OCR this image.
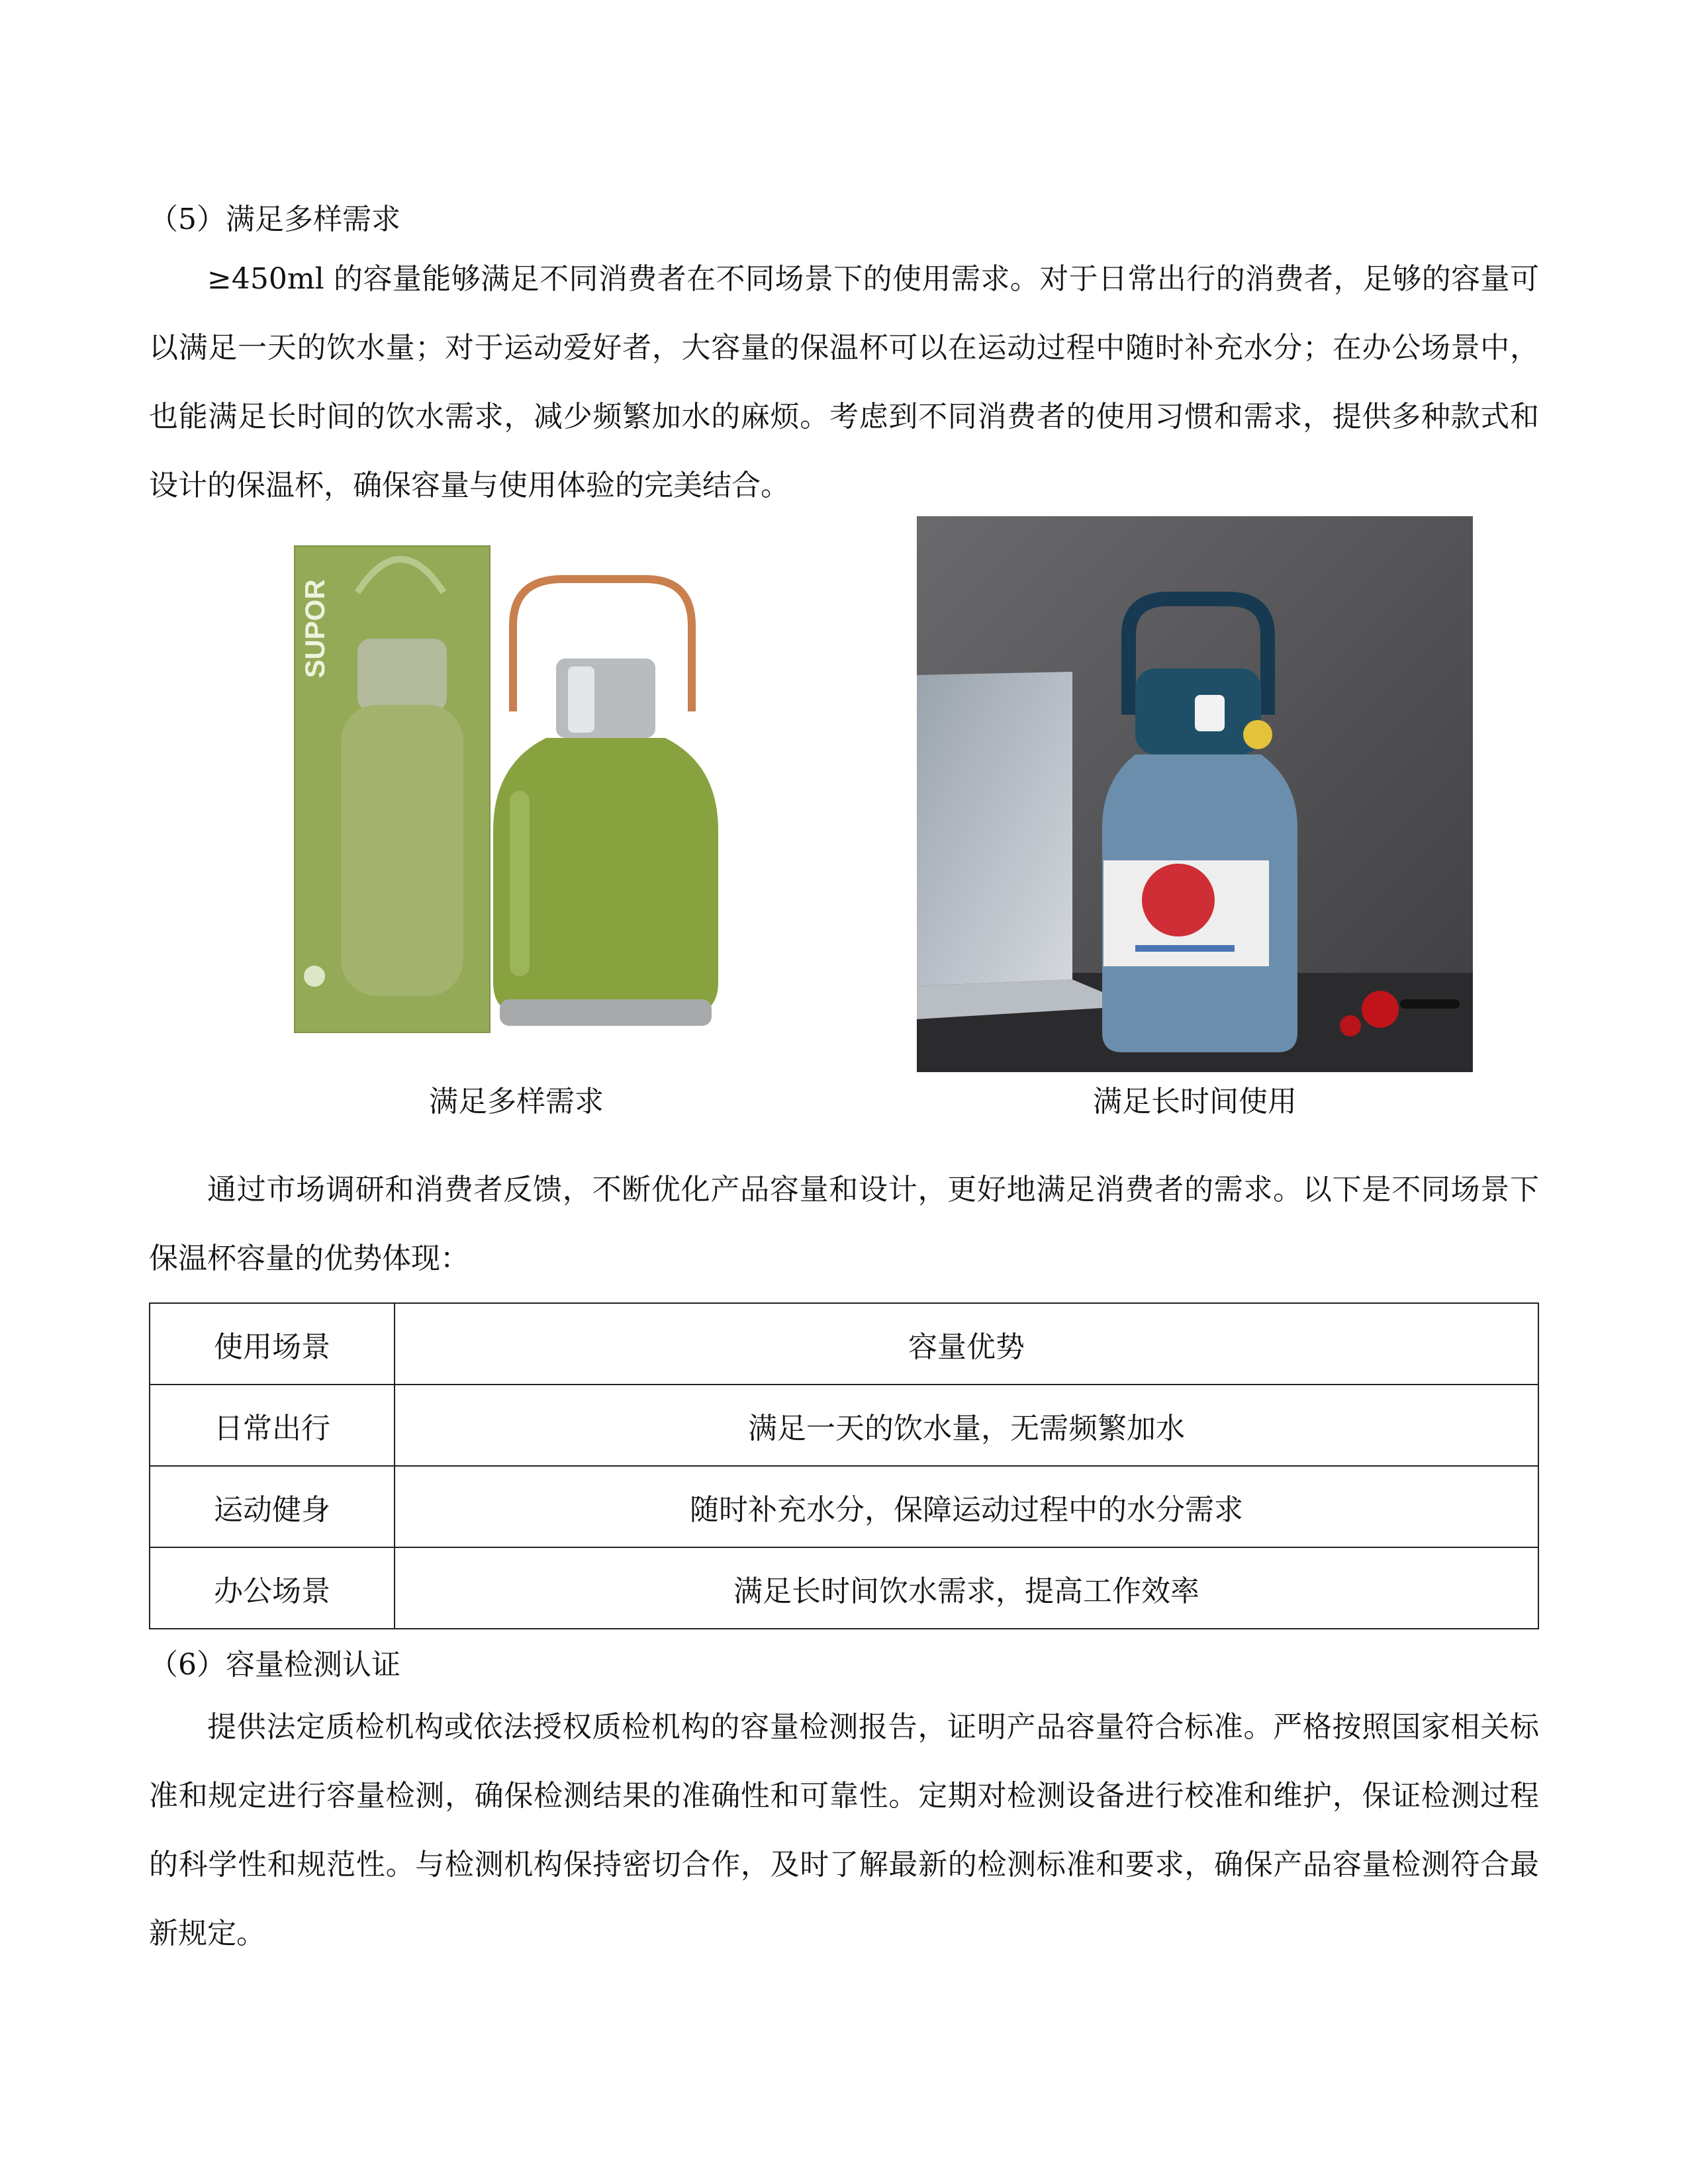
（5）满足多样需求
≥450ml 的容量能够满足不同消费者在不同场景下的使用需求。对于日常出行的消费者，足够的容量可以满足一天的饮水量；对于运动爱好者，大容量的保温杯可以在运动过程中随时补充水分；在办公场景中，也能满足长时间的饮水需求，减少频繁加水的麻烦。考虑到不同消费者的使用习惯和需求，提供多种款式和设计的保温杯，确保容量与使用体验的完美结合。
SUPOR
满足多样需求	满足长时间使用
通过市场调研和消费者反馈，不断优化产品容量和设计，更好地满足消费者的需求。以下是不同场景下保温杯容量的优势体现：
使用场景	容量优势
日常出行	满足一天的饮水量，无需频繁加水
运动健身	随时补充水分，保障运动过程中的水分需求
办公场景	满足长时间饮水需求，提高工作效率
（6）容量检测认证
提供法定质检机构或依法授权质检机构的容量检测报告，证明产品容量符合标准。严格按照国家相关标准和规定进行容量检测，确保检测结果的准确性和可靠性。定期对检测设备进行校准和维护，保证检测过程的科学性和规范性。与检测机构保持密切合作，及时了解最新的检测标准和要求，确保产品容量检测符合最新规定。
